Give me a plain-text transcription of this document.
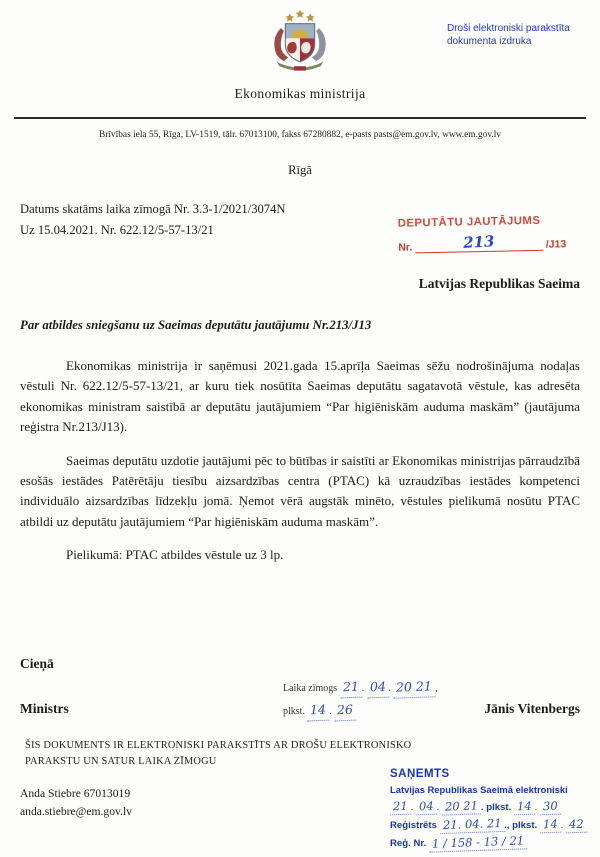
Droši elektroniski parakstīta
dokumenta izdruka
Ekonomikas ministrija
Brīvības iela 55, Rīga, LV-1519, tālr. 67013100, fakss 67280882, e-pasts pasts@em.gov.lv, www.em.gov.lv
Rīgā
Datums skatāms laika zīmogā Nr. 3.3-1/2021/3074N
Uz 15.04.2021. Nr. 622.12/5-57-13/21
DEPUTĀTU JAUTĀJUMS
Nr.	213	/J13
Latvijas Republikas Saeima
Par atbildes sniegšanu uz Saeimas deputātu jautājumu Nr.213/J13

Ekonomikas ministrija ir saņēmusi 2021.gada 15.aprīļa Saeimas sēžu nodrošinājuma nodaļas vēstuli Nr. 622.12/5-57-13/21, ar kuru tiek nosūtīta Saeimas deputātu sagatavotā vēstule, kas adresēta ekonomikas ministram saistībā ar deputātu jautājumiem “Par higiēniskām auduma maskām” (jautājuma reģistra Nr.213/J13).

Saeimas deputātu uzdotie jautājumi pēc to būtības ir saistīti ar Ekonomikas ministrijas pārraudzībā esošās iestādes Patērētāju tiesību aizsardzības centra (PTAC) kā uzraudzības iestādes kompetenci individuālo aizsardzības līdzekļu jomā. Ņemot vērā augstāk minēto, vēstules pielikumā nosūtu PTAC atbildi uz deputātu jautājumiem “Par higiēniskām auduma maskām”.

Pielikumā: PTAC atbildes vēstule uz 3 lp.

Cieņā
Ministrs	Jānis Vitenbergs
Laika zīmogs 21 . 04 . 20 21 ,
plkst. 14 . 26
ŠIS DOKUMENTS IR ELEKTRONISKI PARAKSTĪTS AR DROŠU ELEKTRONISKO
PARAKSTU UN SATUR LAIKA ZĪMOGU
Anda Stiebre 67013019
anda.stiebre@em.gov.lv
SAŅEMTS
Latvijas Republikas Saeimā elektroniski
21 . 04 . 20 21 . plkst. 14 . 30
Reģistrēts 21. 04. 21 ., plkst. 14 . 42
Reģ. Nr. 1 / 158 - 13 / 21
